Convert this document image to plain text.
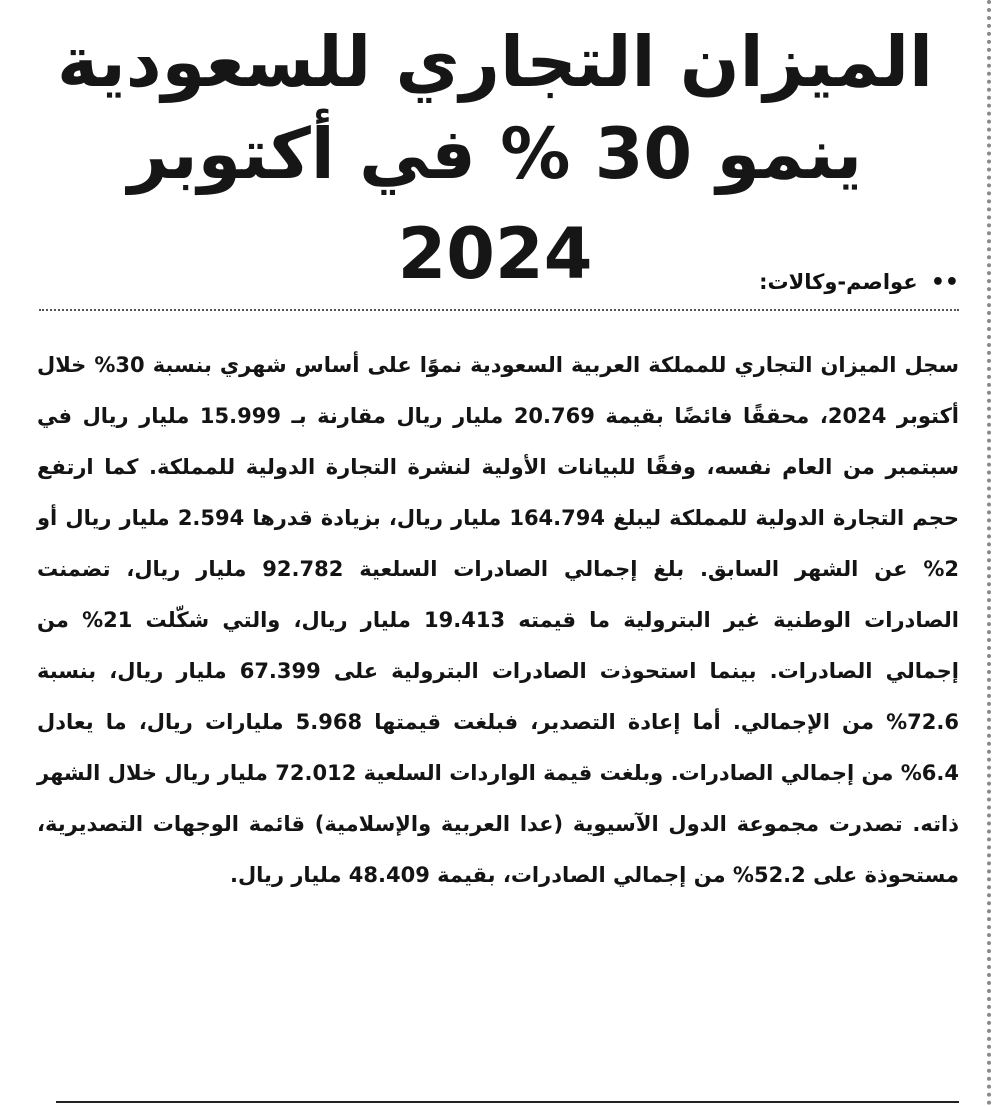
الميزان التجاري للسعودية
ينمو 30 % في أكتوبر 2024	•• عواصم-وكالات:

سجل الميزان التجاري للمملكة العربية السعودية نموًا على أساس شهري بنسبة 30% خلال أكتوبر 2024، محققًا فائضًا بقيمة 20.769 مليار ريال مقارنة بـ 15.999 مليار ريال في سبتمبر من العام نفسه، وفقًا للبيانات الأولية لنشرة التجارة الدولية للمملكة. كما ارتفع حجم التجارة الدولية للمملكة ليبلغ 164.794 مليار ريال، بزيادة قدرها 2.594 مليار ريال أو 2% عن الشهر السابق. بلغ إجمالي الصادرات السلعية 92.782 مليار ريال، تضمنت الصادرات الوطنية غير البترولية ما قيمته 19.413 مليار ريال، والتي شكّلت 21% من إجمالي الصادرات. بينما استحوذت الصادرات البترولية على 67.399 مليار ريال، بنسبة 72.6% من الإجمالي. أما إعادة التصدير، فبلغت قيمتها 5.968 مليارات ريال، ما يعادل 6.4% من إجمالي الصادرات. وبلغت قيمة الواردات السلعية 72.012 مليار ريال خلال الشهر ذاته. تصدرت مجموعة الدول الآسيوية (عدا العربية والإسلامية) قائمة الوجهات التصديرية، مستحوذة على 52.2% من إجمالي الصادرات، بقيمة 48.409 مليار ريال.
